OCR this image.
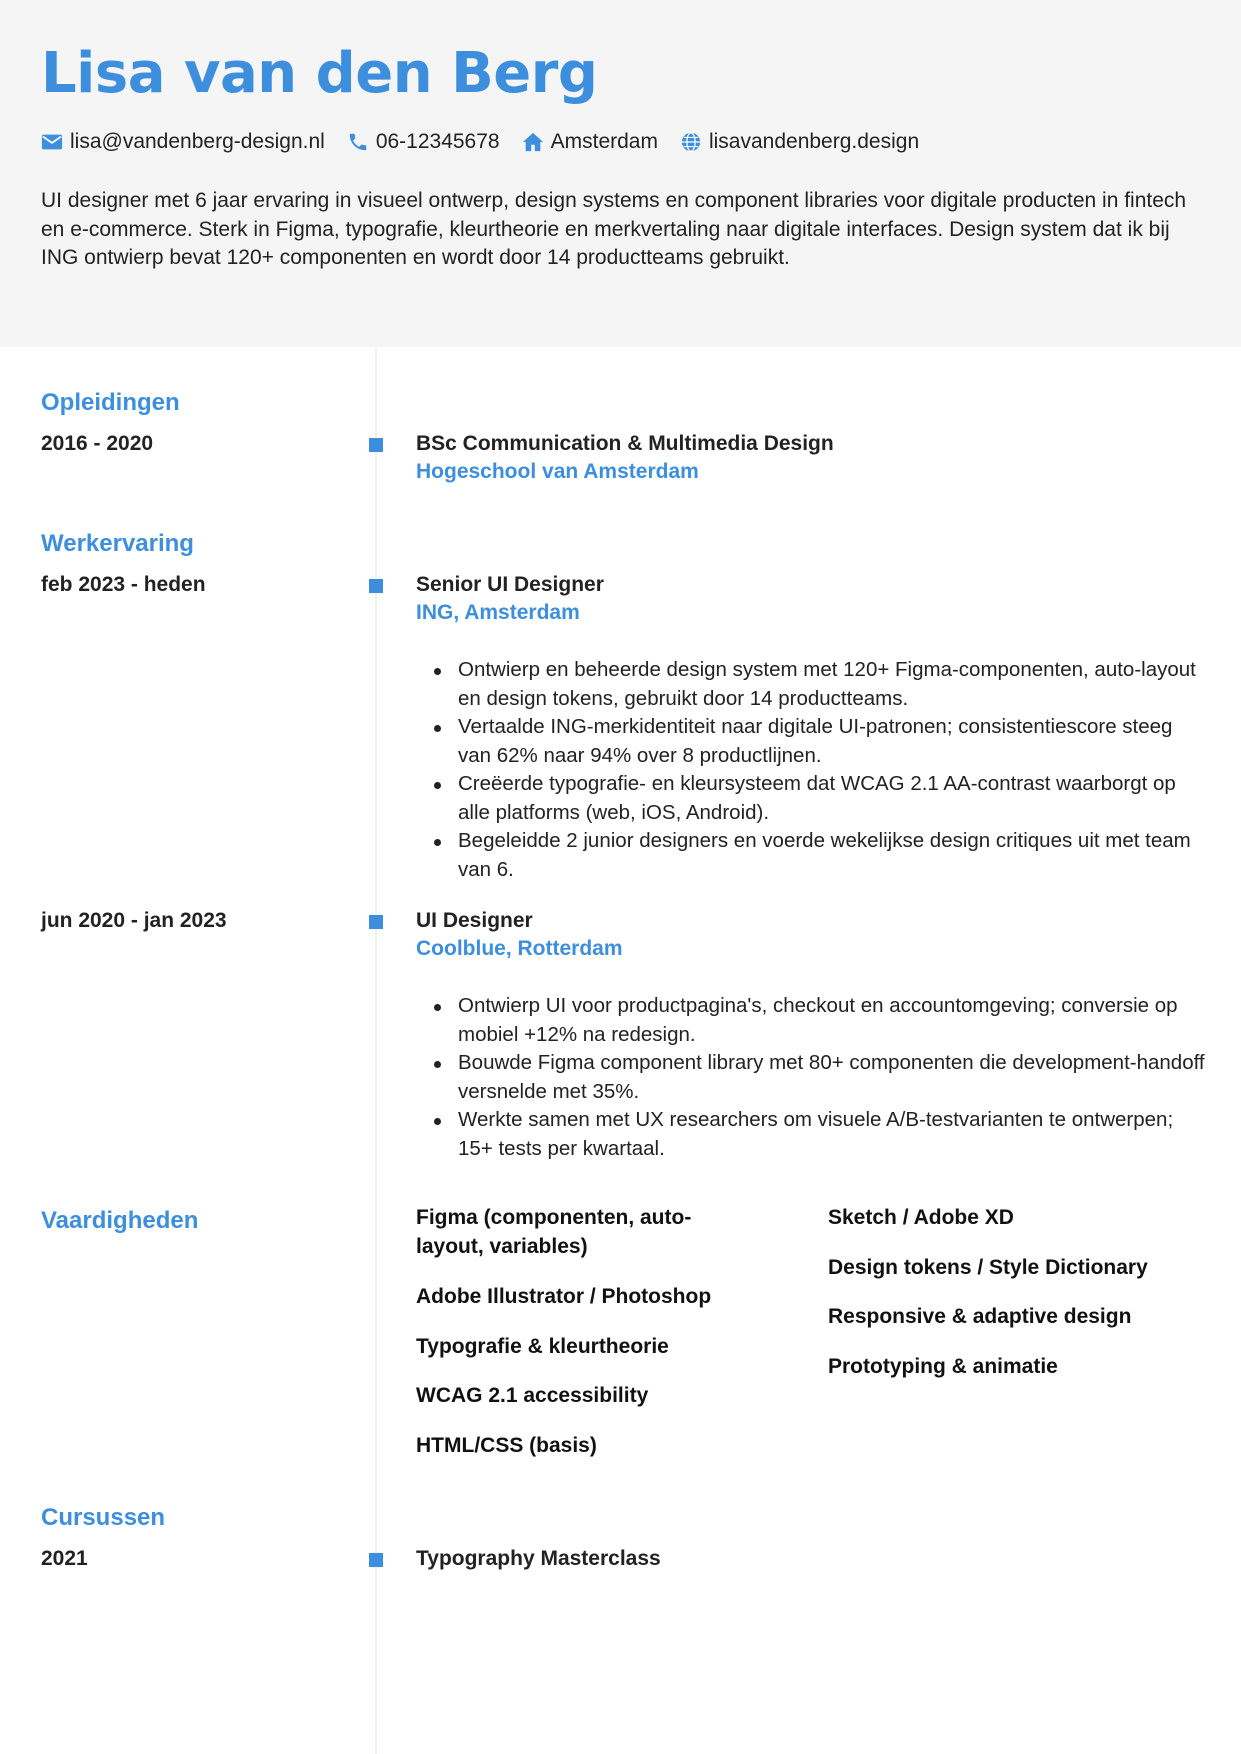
Lisa van den Berg
lisa@vandenberg-design.nl 06-12345678 Amsterdam lisavandenberg.design

UI designer met 6 jaar ervaring in visueel ontwerp, design systems en component libraries voor digitale producten in fintech en e-commerce. Sterk in Figma, typografie, kleurtheorie en merkvertaling naar digitale interfaces. Design system dat ik bij ING ontwierp bevat 120+ componenten en wordt door 14 productteams gebruikt.

Opleidingen
2016 - 2020	BSc Communication & Multimedia Design
Hogeschool van Amsterdam
Werkervaring
feb 2023 - heden	Senior UI Designer
ING, Amsterdam
Ontwierp en beheerde design system met 120+ Figma-componenten, auto-layout en design tokens, gebruikt door 14 productteams.
Vertaalde ING-merkidentiteit naar digitale UI-patronen; consistentiescore steeg van 62% naar 94% over 8 productlijnen.
Creëerde typografie- en kleursysteem dat WCAG 2.1 AA-contrast waarborgt op alle platforms (web, iOS, Android).
Begeleidde 2 junior designers en voerde wekelijkse design critiques uit met team van 6.
jun 2020 - jan 2023	UI Designer
Coolblue, Rotterdam
Ontwierp UI voor productpagina's, checkout en accountomgeving; conversie op mobiel +12% na redesign.
Bouwde Figma component library met 80+ componenten die development-handoff versnelde met 35%.
Werkte samen met UX researchers om visuele A/B-testvarianten te ontwerpen; 15+ tests per kwartaal.
Vaardigheden	Figma (componenten, auto-layout, variables)
Adobe Illustrator / Photoshop
Typografie & kleurtheorie
WCAG 2.1 accessibility
HTML/CSS (basis)
Sketch / Adobe XD
Design tokens / Style Dictionary
Responsive & adaptive design
Prototyping & animatie
Cursussen
2021	Typography Masterclass
